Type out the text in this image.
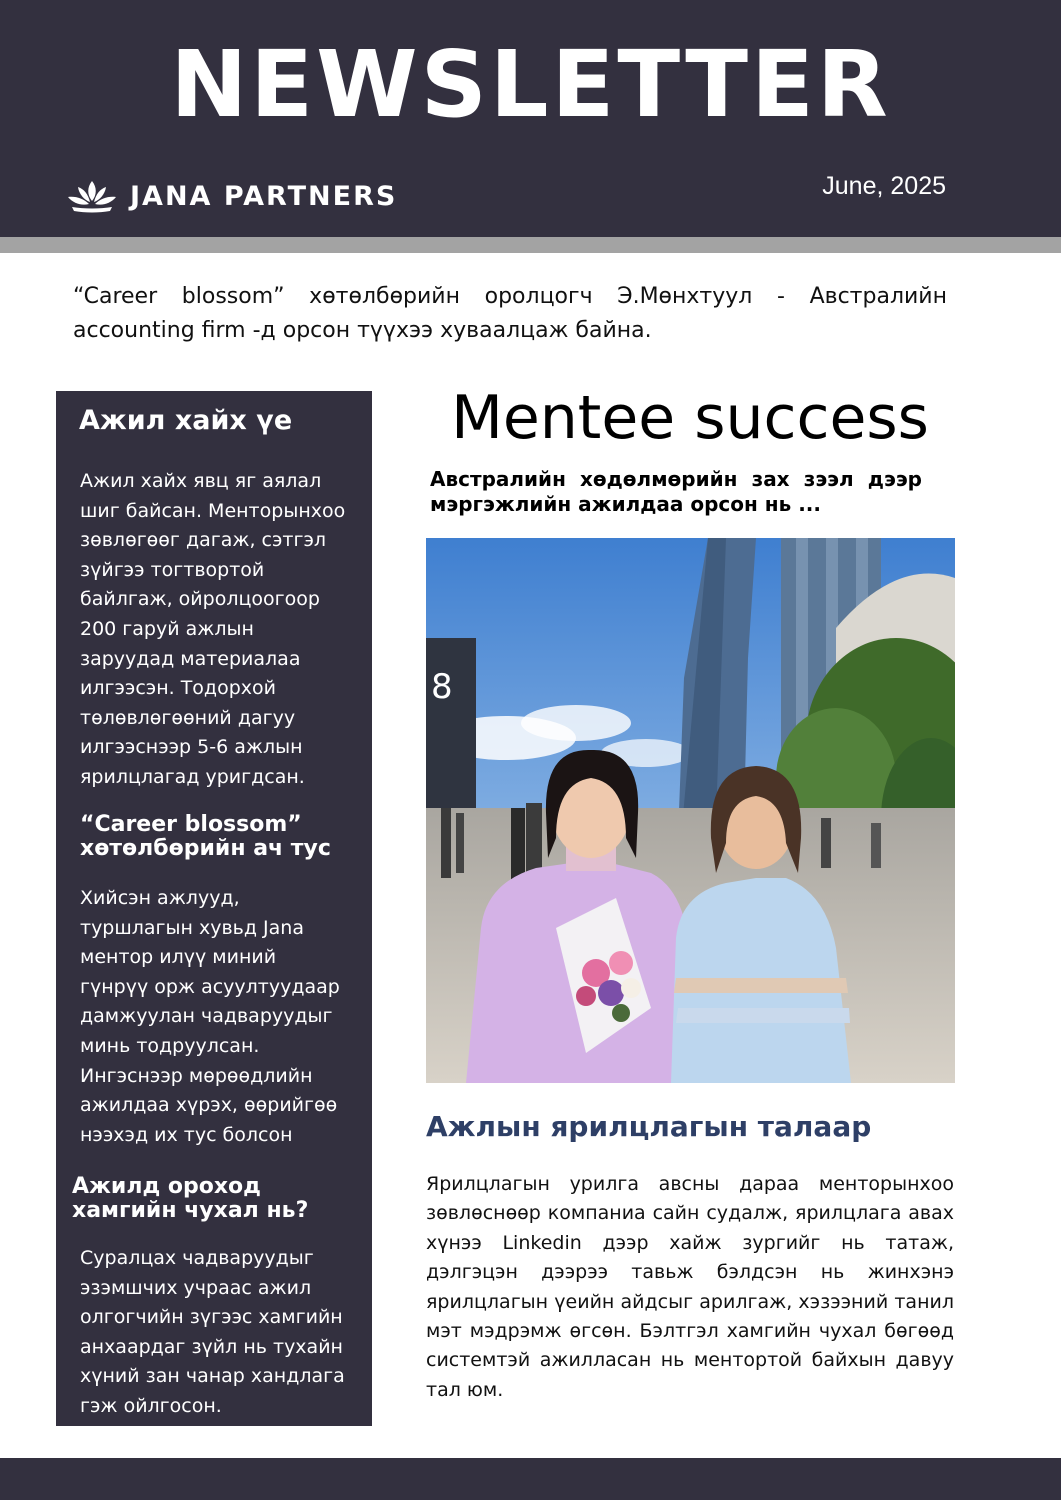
NEWSLETTER
JANA PARTNERS	June, 2025

“Career blossom” хөтөлбөрийн оролцогч Э.Мөнхтуул - Австралийн accounting firm -д орсон түүхээ хуваалцаж байна.

Ажил хайх үе

Ажил хайх явц яг аялал шиг байсан. Менторынхоо зөвлөгөөг дагаж, сэтгэл зүйгээ тогтвортой байлгаж, ойролцоогоор 200 гаруй ажлын заруудад материалаа илгээсэн. Тодорхой төлөвлөгөөний дагуу илгээснээр 5-6 ажлын ярилцлагад уригдсан.

“Career blossom” хөтөлбөрийн ач тус

Хийсэн ажлууд, туршлагын хувьд Jana ментор илүү миний гүнрүү орж асуултуудаар дамжуулан чадваруудыг минь тодруулсан. Ингэснээр мөрөөдлийн ажилдаа хүрэх, өөрийгөө нээхэд их тус болсон

Ажилд ороход хамгийн чухал нь?

Суралцах чадваруудыг эзэмшчих учраас ажил олгогчийн зүгээс хамгийн анхаардаг зүйл нь тухайн хүний зан чанар хандлага гэж ойлгосон.

Mentee success

Австралийн хөдөлмөрийн зах зээл дээр мэргэжлийн ажилдаа орсон нь ...

8
Ажлын ярилцлагын талаар

Ярилцлагын урилга авсны дараа менторынхоо зөвлөснөөр компаниа сайн судалж, ярилцлага авах хүнээ Linkedin дээр хайж зургийг нь татаж, дэлгэцэн дээрээ тавьж бэлдсэн нь жинхэнэ ярилцлагын үеийн айдсыг арилгаж, хэзээний танил мэт мэдрэмж өгсөн. Бэлтгэл хамгийн чухал бөгөөд системтэй ажилласан нь ментортой байхын давуу тал юм.
